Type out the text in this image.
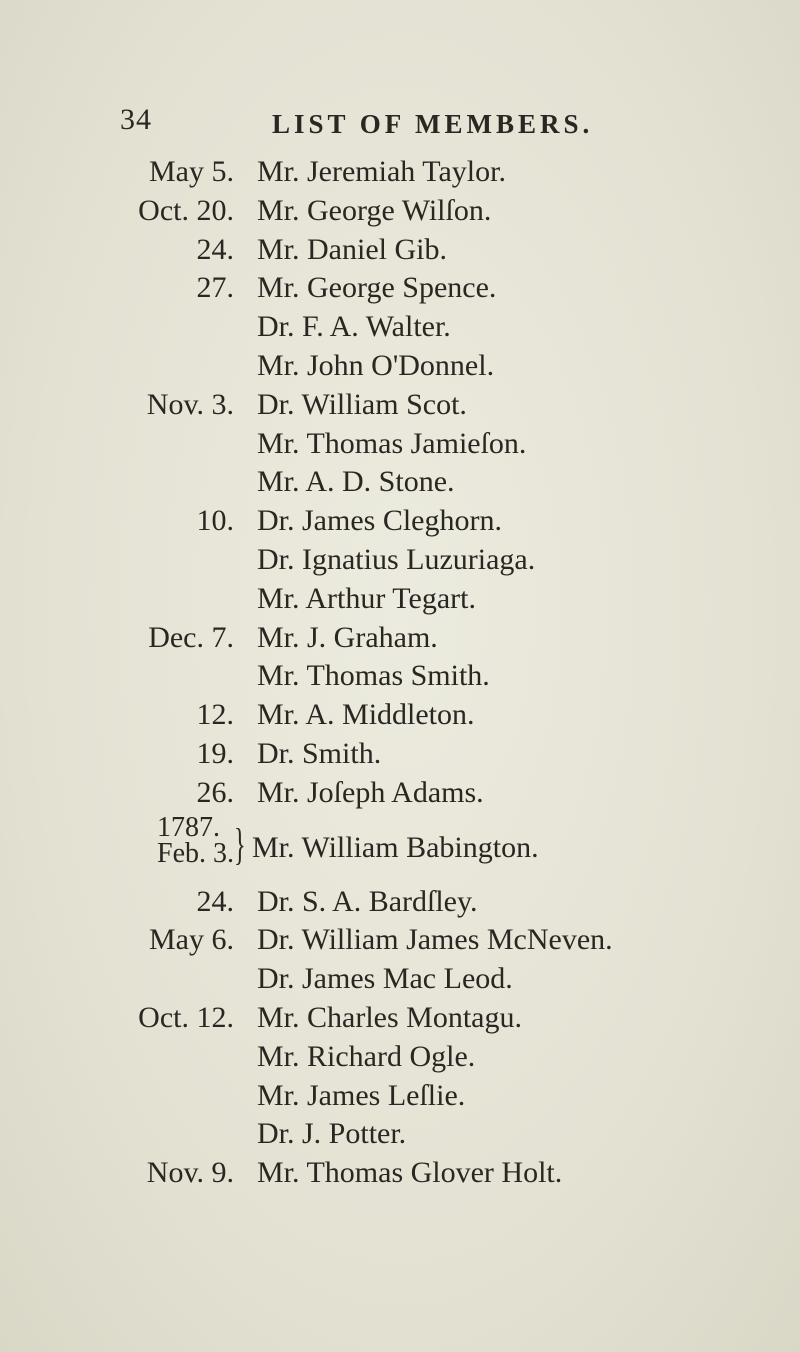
34	LIST OF MEMBERS.
May 5. Mr. Jeremiah Taylor.
Oct. 20. Mr. George Wilſon.
24. Mr. Daniel Gib.
27. Mr. George Spence.
Dr. F. A. Walter.
Mr. John O'Donnel.
Nov. 3. Dr. William Scot.
Mr. Thomas Jamieſon.
Mr. A. D. Stone.
10. Dr. James Cleghorn.
Dr. Ignatius Luzuriaga.
Mr. Arthur Tegart.
Dec. 7. Mr. J. Graham.
Mr. Thomas Smith.
12. Mr. A. Middleton.
19. Dr. Smith.
26. Mr. Joſeph Adams.
1787.
Feb. 3. } Mr. William Babington.
24. Dr. S. A. Bardſley.
May 6. Dr. William James McNeven.
Dr. James Mac Leod.
Oct. 12. Mr. Charles Montagu.
Mr. Richard Ogle.
Mr. James Leſlie.
Dr. J. Potter.
Nov. 9. Mr. Thomas Glover Holt.
